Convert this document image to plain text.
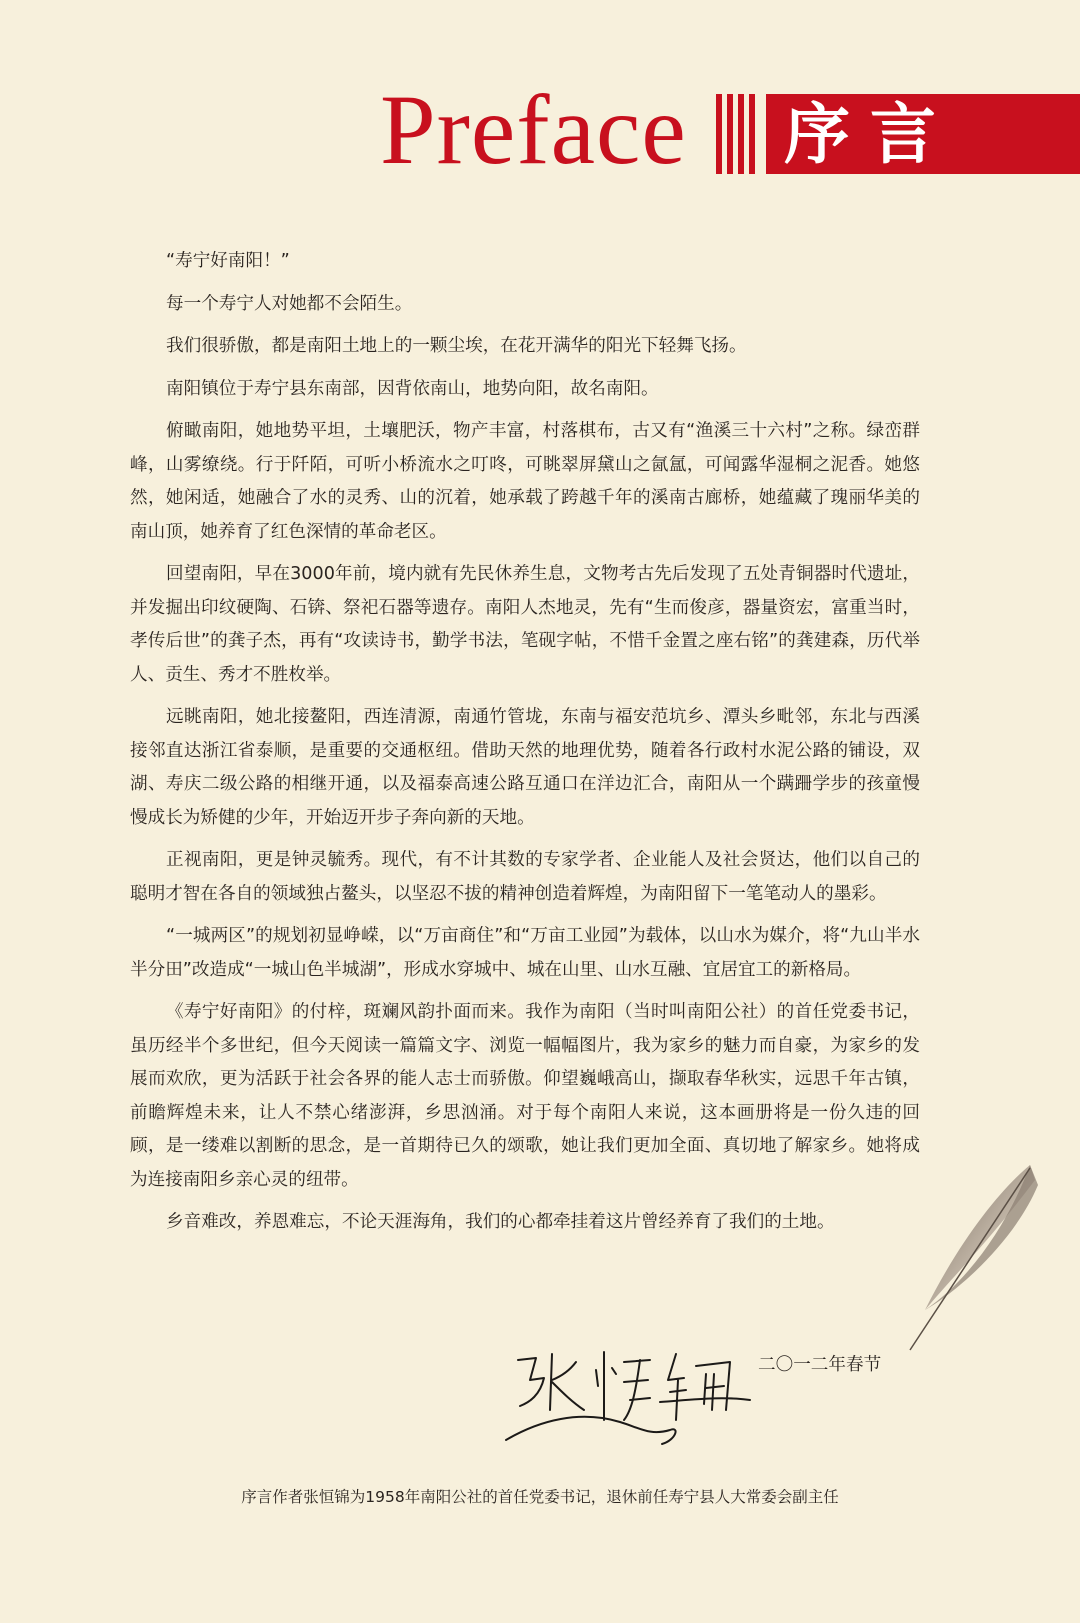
Preface 序言

“寿宁好南阳！”

每一个寿宁人对她都不会陌生。

我们很骄傲，都是南阳土地上的一颗尘埃，在花开满华的阳光下轻舞飞扬。

南阳镇位于寿宁县东南部，因背依南山，地势向阳，故名南阳。

俯瞰南阳，她地势平坦，土壤肥沃，物产丰富，村落棋布，古又有“渔溪三十六村”之称。绿峦群峰，山雾缭绕。行于阡陌，可听小桥流水之叮咚，可眺翠屏黛山之氤氲，可闻露华湿桐之泥香。她悠然，她闲适，她融合了水的灵秀、山的沉着，她承载了跨越千年的溪南古廊桥，她蕴藏了瑰丽华美的南山顶，她养育了红色深情的革命老区。

回望南阳，早在3000年前，境内就有先民休养生息，文物考古先后发现了五处青铜器时代遗址，并发掘出印纹硬陶、石锛、祭祀石器等遗存。南阳人杰地灵，先有“生而俊彦，器量资宏，富重当时，孝传后世”的龚子杰，再有“攻读诗书，勤学书法，笔砚字帖，不惜千金置之座右铭”的龚建森，历代举人、贡生、秀才不胜枚举。

远眺南阳，她北接鳌阳，西连清源，南通竹管垅，东南与福安范坑乡、潭头乡毗邻，东北与西溪接邻直达浙江省泰顺，是重要的交通枢纽。借助天然的地理优势，随着各行政村水泥公路的铺设，双湖、寿庆二级公路的相继开通，以及福泰高速公路互通口在洋边汇合，南阳从一个蹒跚学步的孩童慢慢成长为矫健的少年，开始迈开步子奔向新的天地。

正视南阳，更是钟灵毓秀。现代，有不计其数的专家学者、企业能人及社会贤达，他们以自己的聪明才智在各自的领域独占鳌头，以坚忍不拔的精神创造着辉煌，为南阳留下一笔笔动人的墨彩。

“一城两区”的规划初显峥嵘，以“万亩商住”和“万亩工业园”为载体，以山水为媒介，将“九山半水半分田”改造成“一城山色半城湖”，形成水穿城中、城在山里、山水互融、宜居宜工的新格局。

《寿宁好南阳》的付梓，斑斓风韵扑面而来。我作为南阳（当时叫南阳公社）的首任党委书记，虽历经半个多世纪，但今天阅读一篇篇文字、浏览一幅幅图片，我为家乡的魅力而自豪，为家乡的发展而欢欣，更为活跃于社会各界的能人志士而骄傲。仰望巍峨高山，撷取春华秋实，远思千年古镇，前瞻辉煌未来，让人不禁心绪澎湃，乡思汹涌。对于每个南阳人来说，这本画册将是一份久违的回顾，是一缕难以割断的思念，是一首期待已久的颂歌，她让我们更加全面、真切地了解家乡。她将成为连接南阳乡亲心灵的纽带。

乡音难改，养恩难忘，不论天涯海角，我们的心都牵挂着这片曾经养育了我们的土地。

二〇一二年春节
序言作者张恒锦为1958年南阳公社的首任党委书记，退休前任寿宁县人大常委会副主任
